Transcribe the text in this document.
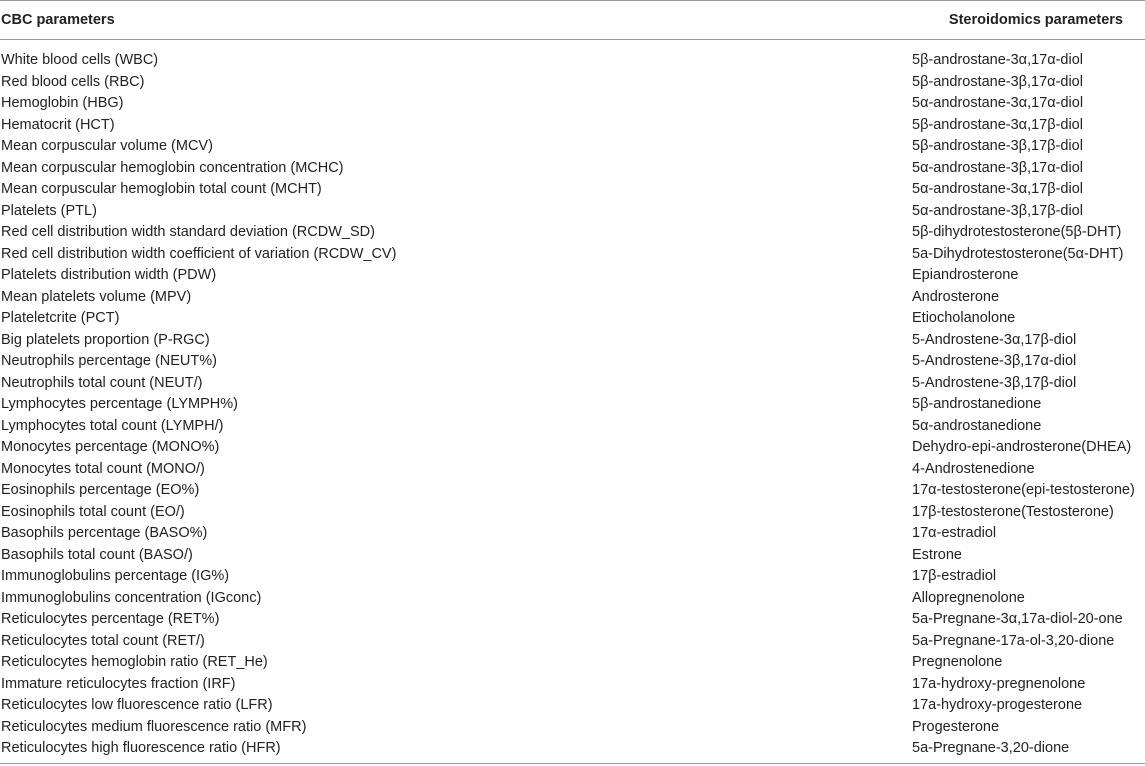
CBC parameters	Steroidomics parameters
White blood cells (WBC)	5β-androstane-3α,17α-diol
Red blood cells (RBC)	5β-androstane-3β,17α-diol
Hemoglobin (HBG)	5α-androstane-3α,17α-diol
Hematocrit (HCT)	5β-androstane-3α,17β-diol
Mean corpuscular volume (MCV)	5β-androstane-3β,17β-diol
Mean corpuscular hemoglobin concentration (MCHC)	5α-androstane-3β,17α-diol
Mean corpuscular hemoglobin total count (MCHT)	5α-androstane-3α,17β-diol
Platelets (PTL)	5α-androstane-3β,17β-diol
Red cell distribution width standard deviation (RCDW_SD)	5β-dihydrotestosterone(5β-DHT)
Red cell distribution width coefficient of variation (RCDW_CV)	5a-Dihydrotestosterone(5α-DHT)
Platelets distribution width (PDW)	Epiandrosterone
Mean platelets volume (MPV)	Androsterone
Plateletcrite (PCT)	Etiocholanolone
Big platelets proportion (P-RGC)	5-Androstene-3α,17β-diol
Neutrophils percentage (NEUT%)	5-Androstene-3β,17α-diol
Neutrophils total count (NEUT/)	5-Androstene-3β,17β-diol
Lymphocytes percentage (LYMPH%)	5β-androstanedione
Lymphocytes total count (LYMPH/)	5α-androstanedione
Monocytes percentage (MONO%)	Dehydro-epi-androsterone(DHEA)
Monocytes total count (MONO/)	4-Androstenedione
Eosinophils percentage (EO%)	17α-testosterone(epi-testosterone)
Eosinophils total count (EO/)	17β-testosterone(Testosterone)
Basophils percentage (BASO%)	17α-estradiol
Basophils total count (BASO/)	Estrone
Immunoglobulins percentage (IG%)	17β-estradiol
Immunoglobulins concentration (IGconc)	Allopregnenolone
Reticulocytes percentage (RET%)	5a-Pregnane-3α,17a-diol-20-one
Reticulocytes total count (RET/)	5a-Pregnane-17a-ol-3,20-dione
Reticulocytes hemoglobin ratio (RET_He)	Pregnenolone
Immature reticulocytes fraction (IRF)	17a-hydroxy-pregnenolone
Reticulocytes low fluorescence ratio (LFR)	17a-hydroxy-progesterone
Reticulocytes medium fluorescence ratio (MFR)	Progesterone
Reticulocytes high fluorescence ratio (HFR)	5a-Pregnane-3,20-dione
